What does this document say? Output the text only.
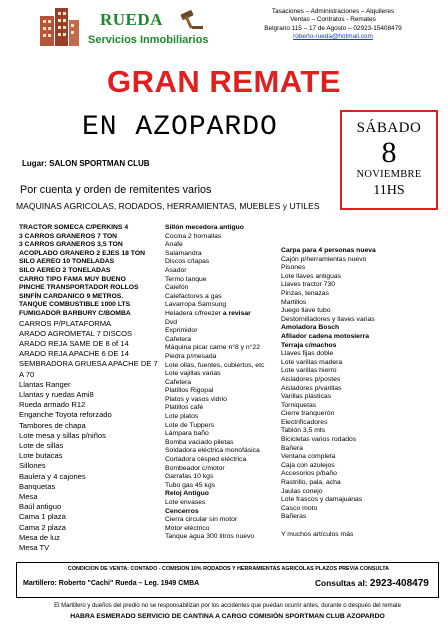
RUEDA
Servicios Inmobiliarios
Tasaciones – Administraciones – Alquileres
Ventas – Contratos - Remates
Belgrano 115 – 17 de Agosto – 02923-15408479
roberto-rueda@hotmail.com
GRAN REMATE
EN AZOPARDO	SÁBADO
8
NOVIEMBRE
11HS
Lugar: SALON SPORTMAN CLUB
Por cuenta y orden de remitentes varios
MAQUINAS AGRICOLAS, RODADOS, HERRAMIENTAS, MUEBLES y UTILES
TRACTOR SOMECA C/PERKINS 4
3 CARROS GRANEROS 7 TON
3 CARROS GRANEROS 3,5 TON
ACOPLADO GRANERO 2 EJES 18 TON
SILO AEREO 10 TONELADAS
SILO AEREO 2 TONELADAS
CARRO TIPO FAMA MUY BUENO
PINCHE TRANSPORTADOR ROLLOS
SINFÍN CARDANICO 9 METROS.
TANQUE COMBUSTIBLE 1000 LTS
FUMIGADOR BARBURY C/BOMBA
CARROS P/PLATAFORMA
ARADO AGROMETAL 7 DISCOS
ARADO REJA SAME DE 8 of 14
ARADO REJA APACHE 6 DE 14
SEMBRADORA GRUESA APACHE DE 7
A 70
Llantas Ranger
Llantas y ruedas Ami8
Rueda armado R12
Enganche Toyota reforzado
Tambores de chapa
Lote mesa y sillas p/niños
Lote de sillas
Lote butacas
Sillones
Baulera y 4 cajones
Banquetas
Mesa
Baúl antiguo
Cama 1 plaza
Cama 2 plaza
Mesa de luz
Mesa TV
Sillón mecedora antiguo
Cocina 2 hornallas
Anafe
Salamandra
Discos c/tapas
Asador
Termo tanque
Calefón
Calefactores a gas
Lavarropa Samsung
Heladera c/freezer a revisar
Dvd
Exprimidor
Cafetera
Máquina picar carne n°8 y n°22
Piedra p/mesada
Lote ollas, fuentes, cubiertos, etc
Lote vajillas varias
Cafetera
Platillos Rigopal
Platos y vasos vidrio
Platillos café
Lote platos
Lote de Tuppers
Lámpara baño
Bomba vaciado piletas
Soldadora eléctrica monofásica
Cortadora césped eléctrica
Bombeador c/motor
Garrafas 10 kgs
Tubo gas 45 kgs
Reloj Antiguo
Lote envases
Cencerros
Cierra circular sin motor
Motor eléctrico
Tanque agua 300 litros nuevo
Carpa para 4 personas nueva
Cajón p/herramientas nuevo
Pisones
Lote llaves antiguas
Llaves tractor 730
Pinzas, tenazas
Martillos
Juego llave tubo
Destornilladores y llaves varias
Amoladora Bosch
Afilador cadena motosierra
Terraja c/machos
Llaves fijas doble
Lote varillas madera
Lote varillas hierro
Aisladores p/postes
Aisladores p/varillas
Varillas plásticas
Torniquetas
Cierre tranquerón
Electrificadores
Tablón 3,5 mts
Bicicletas varios rodados
Bañera
Ventana completa
Caja con azulejos
Accesorios p/baño
Rastrillo, pala, acha
Jaulas conejo
Lote frascos y damajuanas
Casco moto
Bañeras

Y muchos artículos más
CONDICION DE VENTA: CONTADO - COMISION 10% RODADOS Y HERRAMIENTAS AGRICOLAS PLAZOS PREVIA CONSULTA
Martillero: Roberto "Cachi" Rueda – Leg. 1949 CMBA	Consultas al: 2923-408479
El Martillero y dueños del predio no se responsabilizan por los accidentes que puedan ocurrir antes, durante o después del remate
HABRA ESMERADO SERVICIO DE CANTINA A CARGO COMISIÓN SPORTMAN CLUB AZOPARDO
